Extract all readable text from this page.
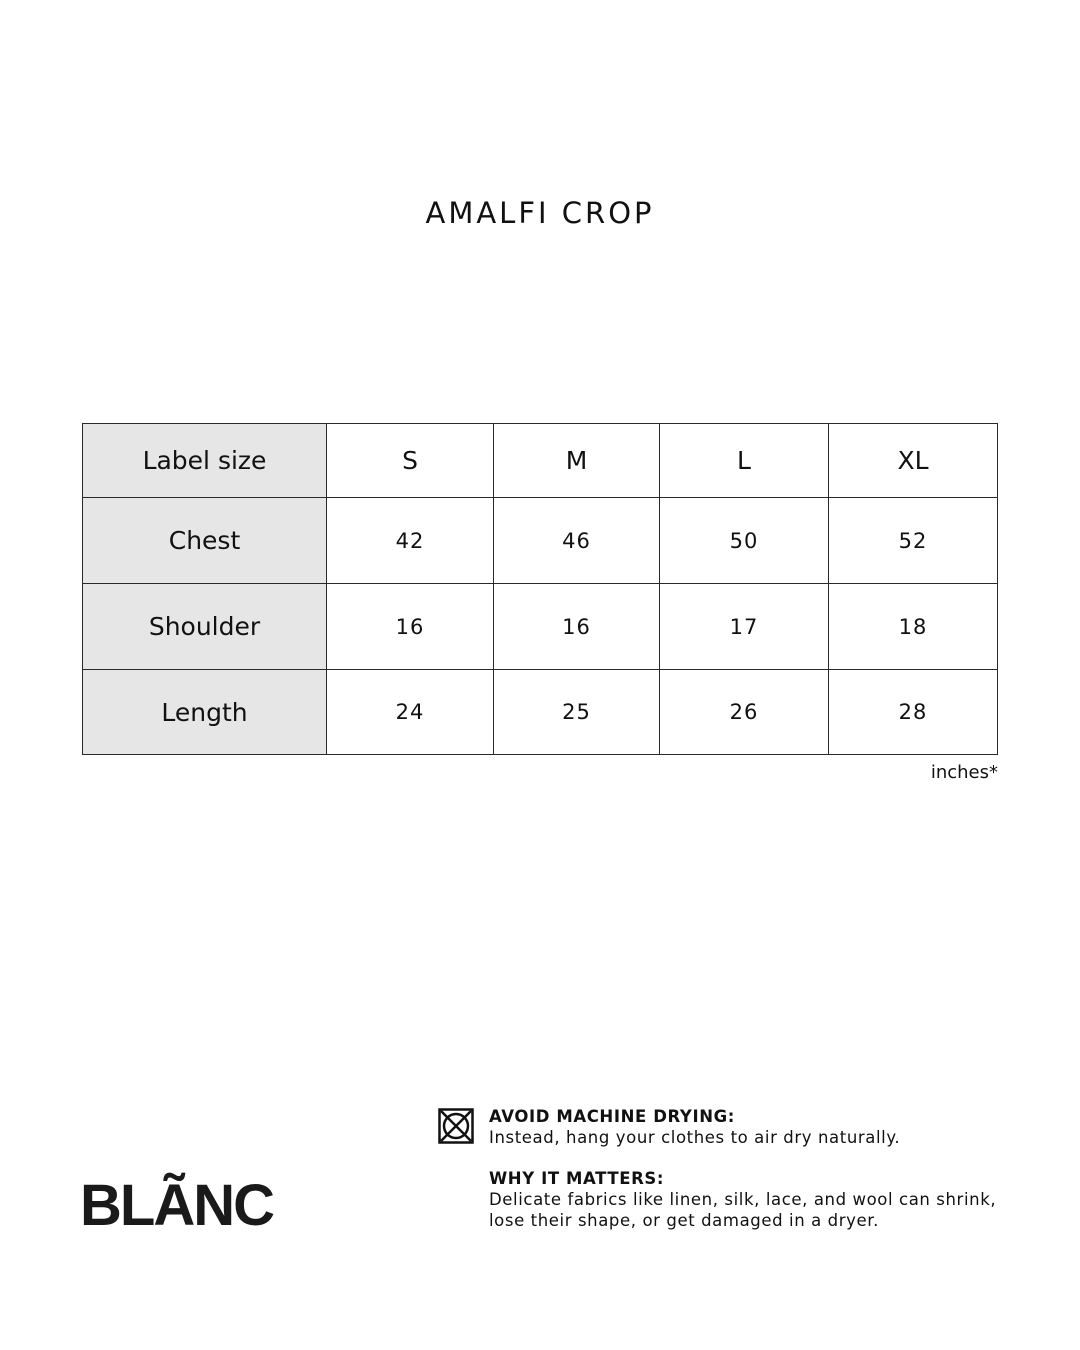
AMALFI CROP
Label size	S	M	L	XL
Chest	42	46	50	52
Shoulder	16	16	17	18
Length	24	25	26	28
inches*
BLÃNC
AVOID MACHINE DRYING:
Instead, hang your clothes to air dry naturally.
WHY IT MATTERS:
Delicate fabrics like linen, silk, lace, and wool can shrink,
lose their shape, or get damaged in a dryer.
